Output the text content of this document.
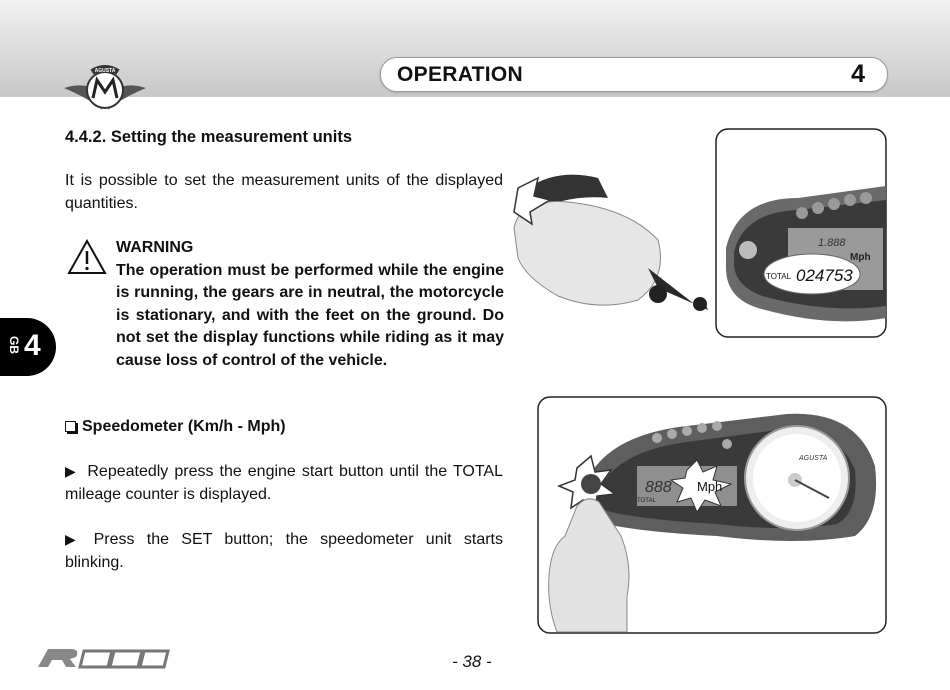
AGUSTA	OPERATION	4
4.4.2. Setting the measurement units
It is possible to set the measurement units of the displayed quantities.
WARNING
The operation must be performed while the engine is running, the gears are in neutral, the motorcycle is stationary, and with the feet on the ground. Do not set the display functions while riding as it may cause loss of control of the vehicle.
Speedometer (Km/h - Mph)
▶ Repeatedly press the engine start button until the TOTAL mileage counter is displayed.
▶ Press the SET button; the speedometer unit starts blinking.
GB 4
1.888
Mph
TOTAL 024753
AGUSTA
888
TOTAL
Mph
R989	- 38 -
